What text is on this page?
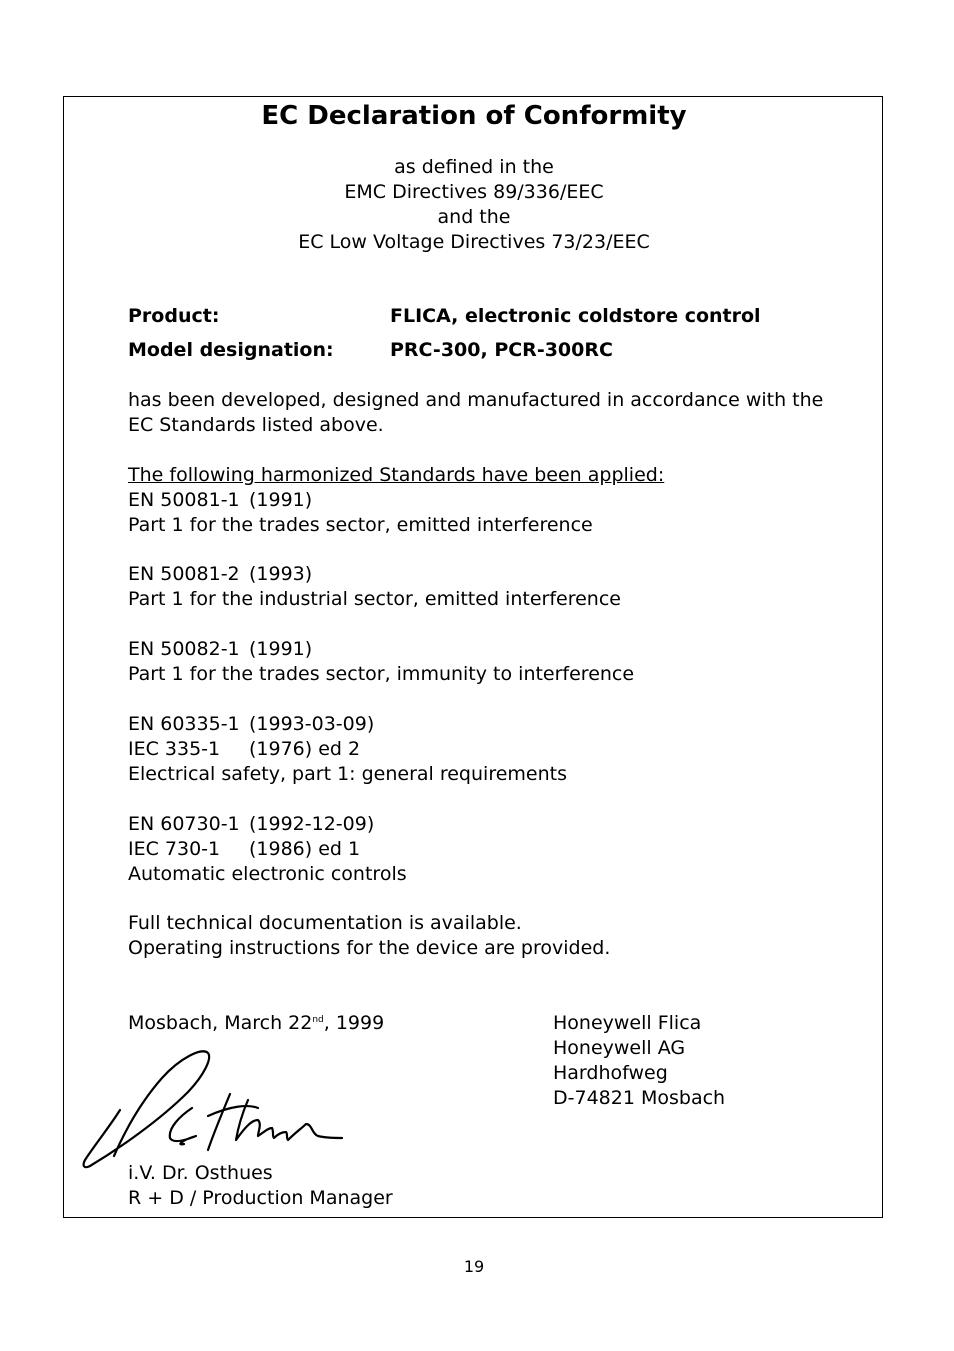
EC Declaration of Conformity
as defined in the
EMC Directives 89/336/EEC
and the
EC Low Voltage Directives 73/23/EEC
Product:	FLICA, electronic coldstore control
Model designation:	PRC-300, PCR-300RC
has been developed, designed and manufactured in accordance with the
EC Standards listed above.
The following harmonized Standards have been applied:
EN 50081-1 (1991)
Part 1 for the trades sector, emitted interference
EN 50081-2 (1993)
Part 1 for the industrial sector, emitted interference
EN 50082-1 (1991)
Part 1 for the trades sector, immunity to interference
EN 60335-1 (1993-03-09)
IEC 335-1 (1976) ed 2
Electrical safety, part 1: general requirements
EN 60730-1 (1992-12-09)
IEC 730-1 (1986) ed 1
Automatic electronic controls
Full technical documentation is available.
Operating instructions for the device are provided.
Mosbach, March 22nd, 1999	Honeywell Flica
Honeywell AG
Hardhofweg
D-74821 Mosbach
i.V. Dr. Osthues
R + D / Production Manager
19
